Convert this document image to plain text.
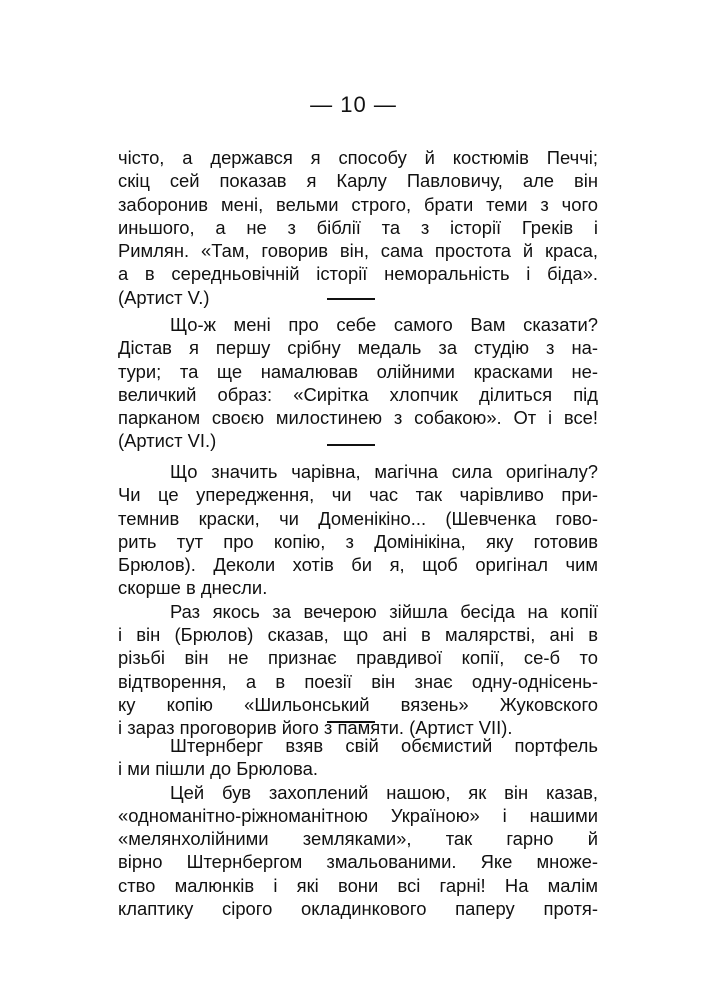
— 10 —
чісто, а держався я способу й костюмів Печчі;
скіц сей показав я Карлу Павловичу, але він
заборонив мені, вельми строго, брати теми з чого
иньшого, а не з біблії та з історії Греків і
Римлян. «Там, говорив він, сама простота й краса,
а в середньовічній історії неморальність і біда».
(Артист V.)
Що-ж мені про себе самого Вам сказати?
Дістав я першу срібну медаль за студію з на-
тури; та ще намалював олійними красками не-
величкий образ: «Сирітка хлопчик ділиться під
парканом своєю милостинею з собакою». От і все!
(Артист VI.)
Що значить чарівна, магічна сила оригіналу?
Чи це упередження, чи час так чарівливо при-
темнив краски, чи Доменікіно... (Шевченка гово-
рить тут про копію, з Домінікіна, яку готовив
Брюлов). Деколи хотів би я, щоб оригінал чим
скорше в днесли.
Раз якось за вечерою зійшла бесіда на копії
і він (Брюлов) сказав, що ані в малярстві, ані в
різьбі він не признає правдивої копії, се-б то
відтворення, а в поезії він знає одну-однісень-
ку копію «Шильонський вязень» Жуковского
і зараз проговорив його з памяти. (Артист VII).
Штернберг взяв свій обємистий портфель
і ми пішли до Брюлова.
Цей був захоплений нашою, як він казав,
«одноманітно-ріжноманітною Україною» і нашими
«мелянхолійними земляками», так гарно й
вірно Штернбергом змальованими. Яке множе-
ство малюнків і які вони всі гарні! На малім
клаптику сірого окладинкового паперу протя-
